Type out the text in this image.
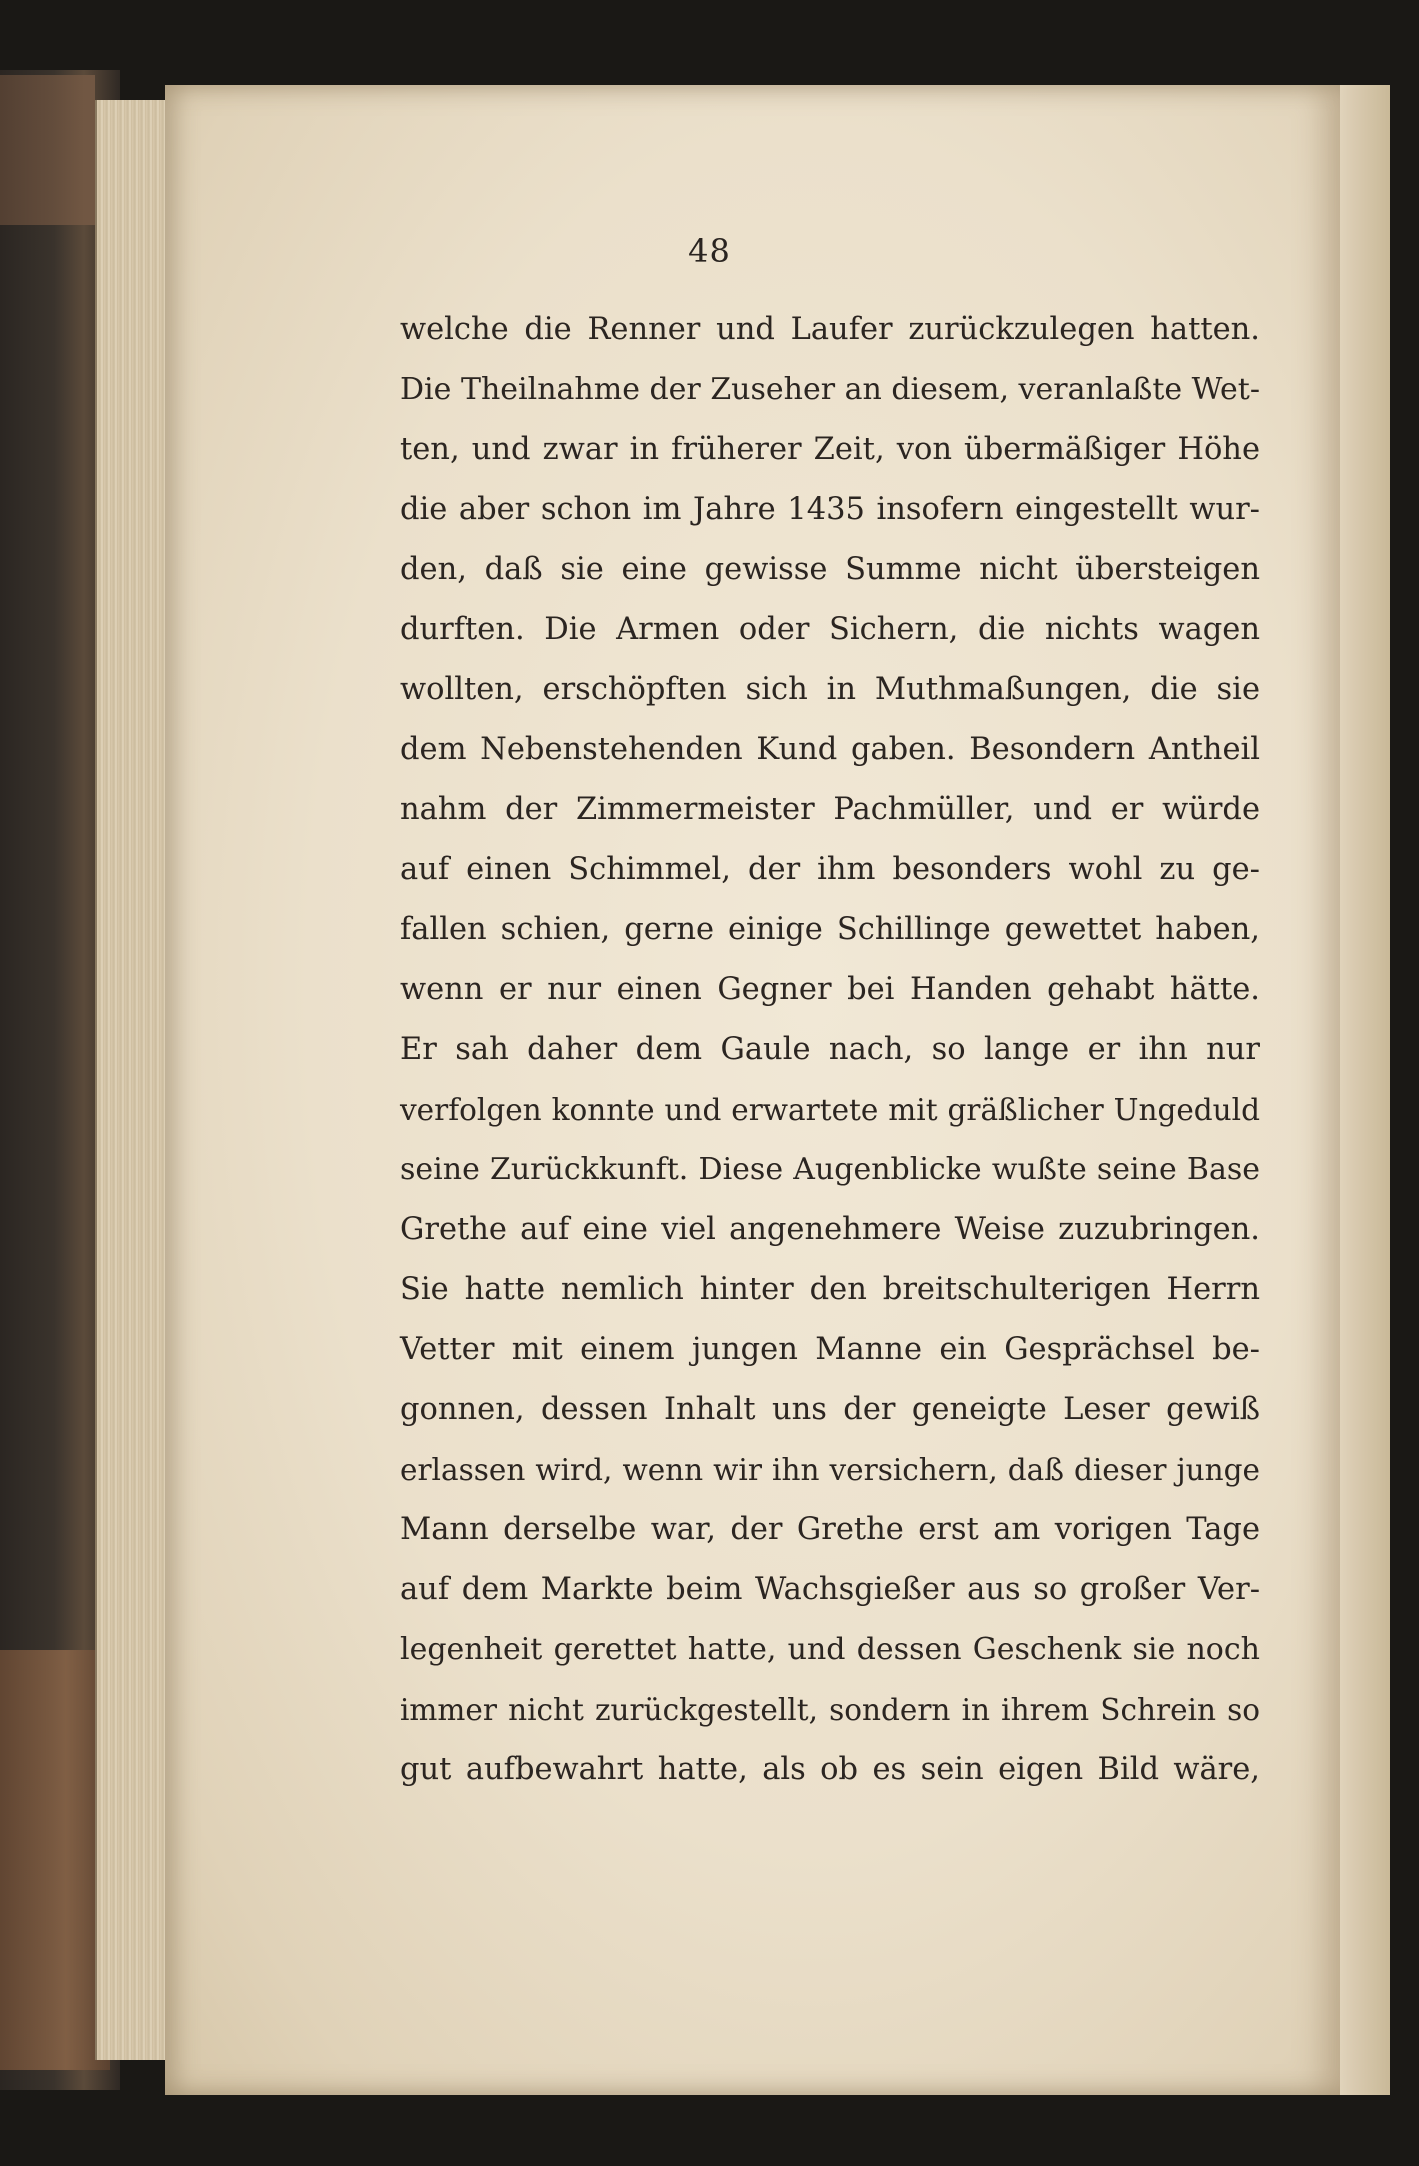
48
welche die Renner und Laufer zurückzulegen hatten.
Die Theilnahme der Zuseher an diesem, veranlaßte Wet-
ten, und zwar in früherer Zeit, von übermäßiger Höhe
die aber schon im Jahre 1435 insofern eingestellt wur-
den, daß sie eine gewisse Summe nicht übersteigen
durften. Die Armen oder Sichern, die nichts wagen
wollten, erschöpften sich in Muthmaßungen, die sie
dem Nebenstehenden Kund gaben. Besondern Antheil
nahm der Zimmermeister Pachmüller, und er würde
auf einen Schimmel, der ihm besonders wohl zu ge-
fallen schien, gerne einige Schillinge gewettet haben,
wenn er nur einen Gegner bei Handen gehabt hätte.
Er sah daher dem Gaule nach, so lange er ihn nur
verfolgen konnte und erwartete mit gräßlicher Ungeduld
seine Zurückkunft. Diese Augenblicke wußte seine Base
Grethe auf eine viel angenehmere Weise zuzubringen.
Sie hatte nemlich hinter den breitschulterigen Herrn
Vetter mit einem jungen Manne ein Gesprächsel be-
gonnen, dessen Inhalt uns der geneigte Leser gewiß
erlassen wird, wenn wir ihn versichern, daß dieser junge
Mann derselbe war, der Grethe erst am vorigen Tage
auf dem Markte beim Wachsgießer aus so großer Ver-
legenheit gerettet hatte, und dessen Geschenk sie noch
immer nicht zurückgestellt, sondern in ihrem Schrein so
gut aufbewahrt hatte, als ob es sein eigen Bild wäre,
